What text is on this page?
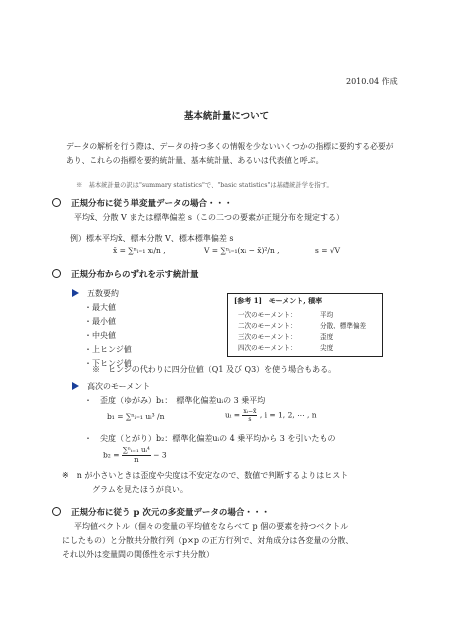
2010.04 作成
基本統計量について
データの解析を行う際は、データの持つ多くの情報を少ないいくつかの指標に要約する必要があり、これらの指標を要約統計量、基本統計量、あるいは代表値と呼ぶ。
※　基本統計量の訳は"summary statistics"で、"basic statistics"は基礎統計学を指す。
正規分布に従う単変量データの場合・・・
平均x̄、分散 V または標準偏差 s（この二つの要素が正規分布を規定する）
例）標本平均x̄、標本分散 V、標本標準偏差 s
x̄ = ∑ⁿᵢ₌₁ xᵢ/n ,	V = ∑ⁿᵢ₌₁(xᵢ − x̄)²/n ,	s = √V
正規分布からのずれを示す統計量
五数要約
・最大値
・最小値
・中央値
・上ヒンジ値
・下ヒンジ値
[参考 1]　モーメント, 積率
一次のモーメント：	平均
二次のモーメント：	分散、標準偏差
三次のモーメント：	歪度
四次のモーメント：	尖度
※　ヒンジの代わりに四分位値（Q1 及び Q3）を使う場合もある。
高次のモーメント
・　歪度（ゆがみ）b₁：　標準化偏差uᵢの 3 乗平均
b₁ = ∑ⁿᵢ₌₁ uᵢ³ /n	uᵢ = $\frac{\text{xᵢ−x̄}}{s}$ , i = 1, 2, ⋯ , n
・　尖度（とがり）b₂：標準化偏差uᵢの 4 乗平均から 3 を引いたもの
$b_2 = \frac{\text{∑ⁿᵢ₌₁ uᵢ⁴}}{n} - 3$
※　n が小さいときは歪度や尖度は不安定なので、数値で判断するよりはヒスト
グラムを見たほうが良い。
正規分布に従う p 次元の多変量データの場合・・・
平均値ベクトル（個々の変量の平均値をならべて p 個の要素を持つベクトル
にしたもの）と分散共分散行列（p×p の正方行列で、対角成分は各変量の分散、
それ以外は変量間の関係性を示す共分散）
